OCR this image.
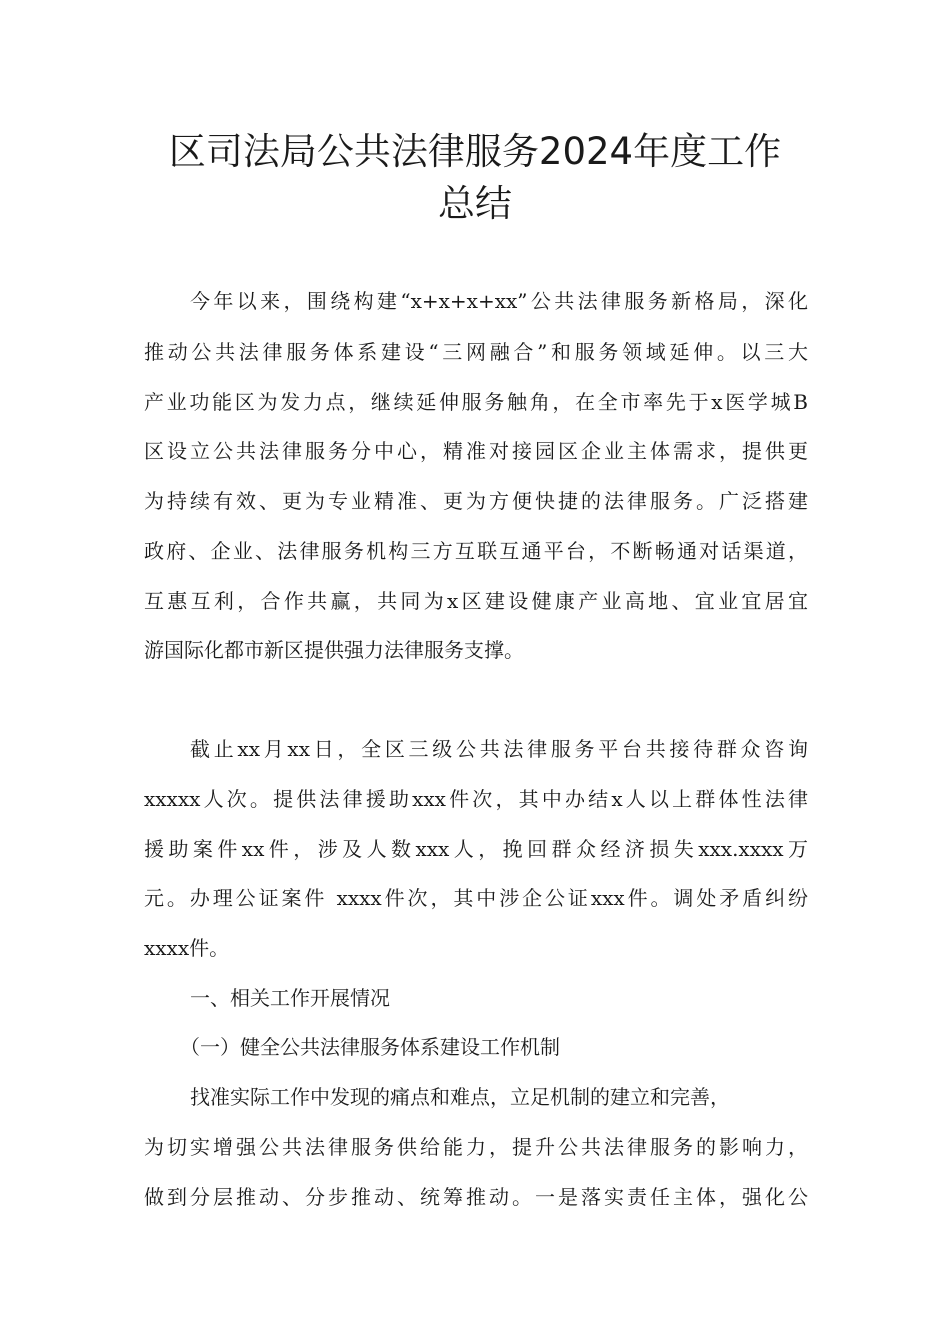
区司法局公共法律服务2024年度工作
总结

今年以来，围绕构建“x+x+x+xx”公共法律服务新格局，深化

推动公共法律服务体系建设“三网融合”和服务领域延伸。以三大

产业功能区为发力点，继续延伸服务触角，在全市率先于x医学城B

区设立公共法律服务分中心，精准对接园区企业主体需求，提供更

为持续有效、更为专业精准、更为方便快捷的法律服务。广泛搭建

政府、企业、法律服务机构三方互联互通平台，不断畅通对话渠道，

互惠互利，合作共赢，共同为x区建设健康产业高地、宜业宜居宜

游国际化都市新区提供强力法律服务支撑。

截止xx月xx日，全区三级公共法律服务平台共接待群众咨询

xxxxx人次。提供法律援助xxx件次，其中办结x人以上群体性法律

援助案件xx件，涉及人数xxx人，挽回群众经济损失xxx.xxxx万

元。办理公证案件 xxxx件次，其中涉企公证xxx件。调处矛盾纠纷

xxxx件。

一、相关工作开展情况

（一）健全公共法律服务体系建设工作机制

找准实际工作中发现的痛点和难点，立足机制的建立和完善，

为切实增强公共法律服务供给能力，提升公共法律服务的影响力，

做到分层推动、分步推动、统筹推动。一是落实责任主体，强化公
